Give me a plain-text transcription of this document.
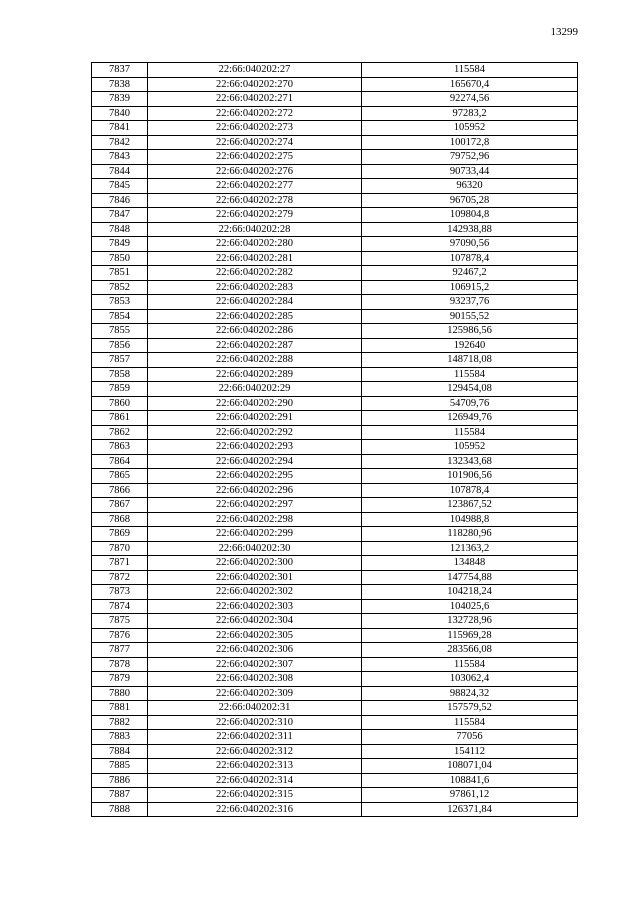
13299
7837	22:66:040202:27	115584
7838	22:66:040202:270	165670,4
7839	22:66:040202:271	92274,56
7840	22:66:040202:272	97283,2
7841	22:66:040202:273	105952
7842	22:66:040202:274	100172,8
7843	22:66:040202:275	79752,96
7844	22:66:040202:276	90733,44
7845	22:66:040202:277	96320
7846	22:66:040202:278	96705,28
7847	22:66:040202:279	109804,8
7848	22:66:040202:28	142938,88
7849	22:66:040202:280	97090,56
7850	22:66:040202:281	107878,4
7851	22:66:040202:282	92467,2
7852	22:66:040202:283	106915,2
7853	22:66:040202:284	93237,76
7854	22:66:040202:285	90155,52
7855	22:66:040202:286	125986,56
7856	22:66:040202:287	192640
7857	22:66:040202:288	148718,08
7858	22:66:040202:289	115584
7859	22:66:040202:29	129454,08
7860	22:66:040202:290	54709,76
7861	22:66:040202:291	126949,76
7862	22:66:040202:292	115584
7863	22:66:040202:293	105952
7864	22:66:040202:294	132343,68
7865	22:66:040202:295	101906,56
7866	22:66:040202:296	107878,4
7867	22:66:040202:297	123867,52
7868	22:66:040202:298	104988,8
7869	22:66:040202:299	118280,96
7870	22:66:040202:30	121363,2
7871	22:66:040202:300	134848
7872	22:66:040202:301	147754,88
7873	22:66:040202:302	104218,24
7874	22:66:040202:303	104025,6
7875	22:66:040202:304	132728,96
7876	22:66:040202:305	115969,28
7877	22:66:040202:306	283566,08
7878	22:66:040202:307	115584
7879	22:66:040202:308	103062,4
7880	22:66:040202:309	98824,32
7881	22:66:040202:31	157579,52
7882	22:66:040202:310	115584
7883	22:66:040202:311	77056
7884	22:66:040202:312	154112
7885	22:66:040202:313	108071,04
7886	22:66:040202:314	108841,6
7887	22:66:040202:315	97861,12
7888	22:66:040202:316	126371,84
